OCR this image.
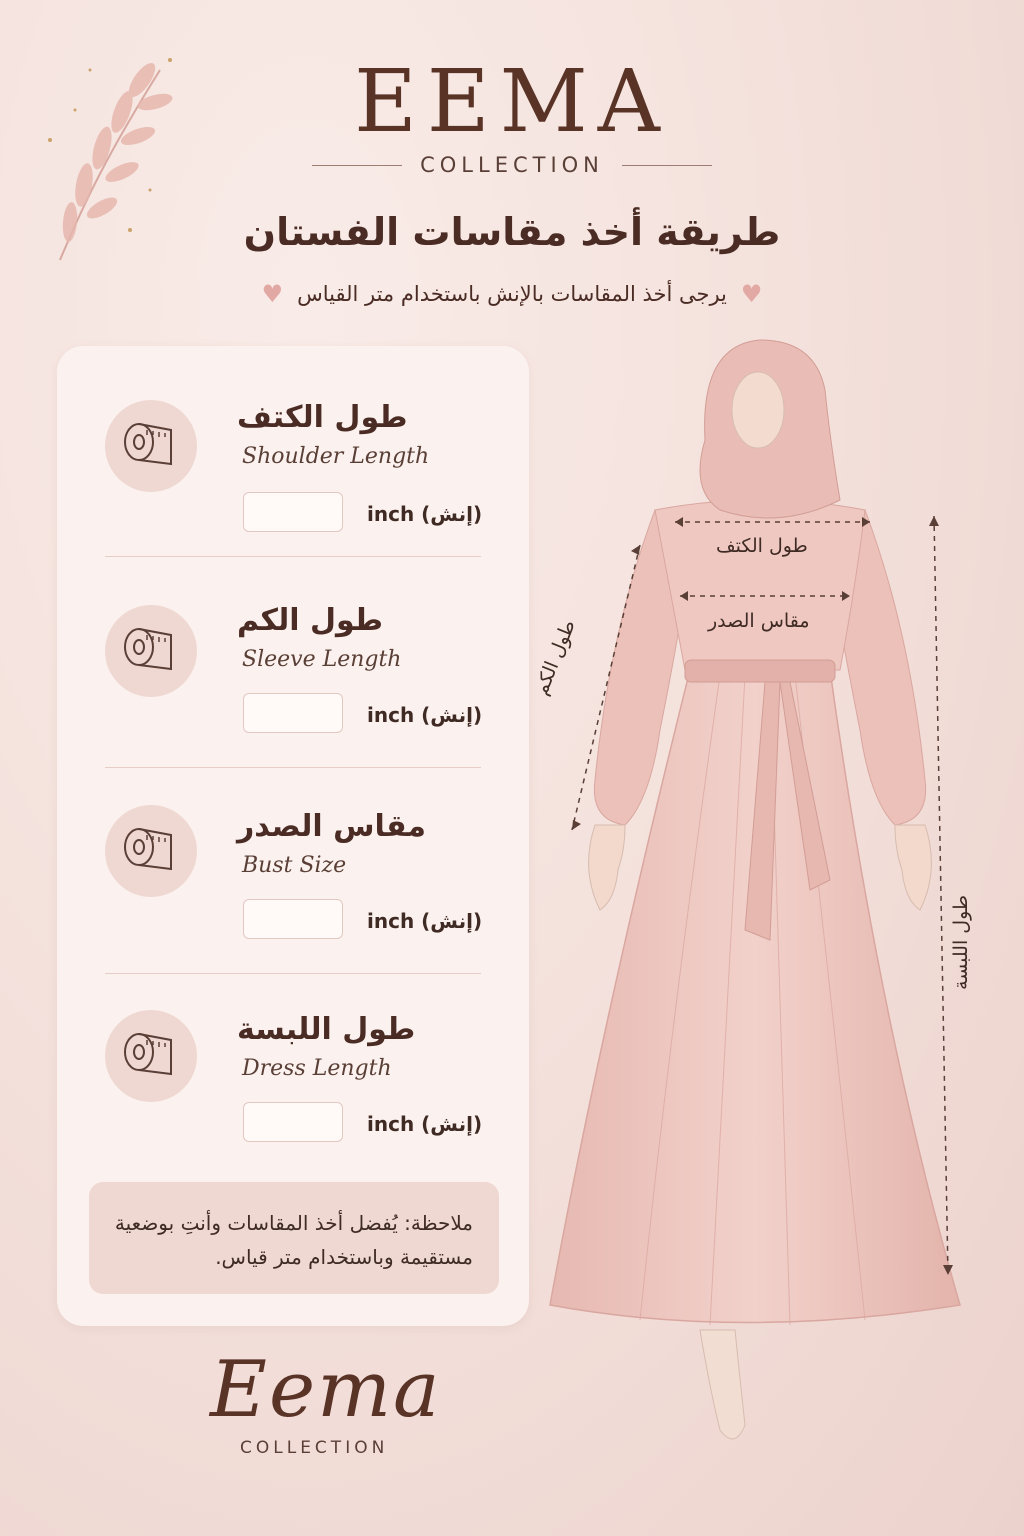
EEMA
COLLECTION
طريقة أخذ مقاسات الفستان
♥
يرجى أخذ المقاسات بالإنش باستخدام متر القياس
♥
طول الكتف
Shoulder Length
inch (إنش)
طول الكم
Sleeve Length
inch (إنش)
مقاس الصدر
Bust Size
inch (إنش)
طول اللبسة
Dress Length
inch (إنش)
ملاحظة: يُفضل أخذ المقاسات وأنتِ بوضعية مستقيمة وباستخدام متر قياس.
Eema
COLLECTION
طول الكتف
مقاس الصدر
طول الكم
طول اللبسة
